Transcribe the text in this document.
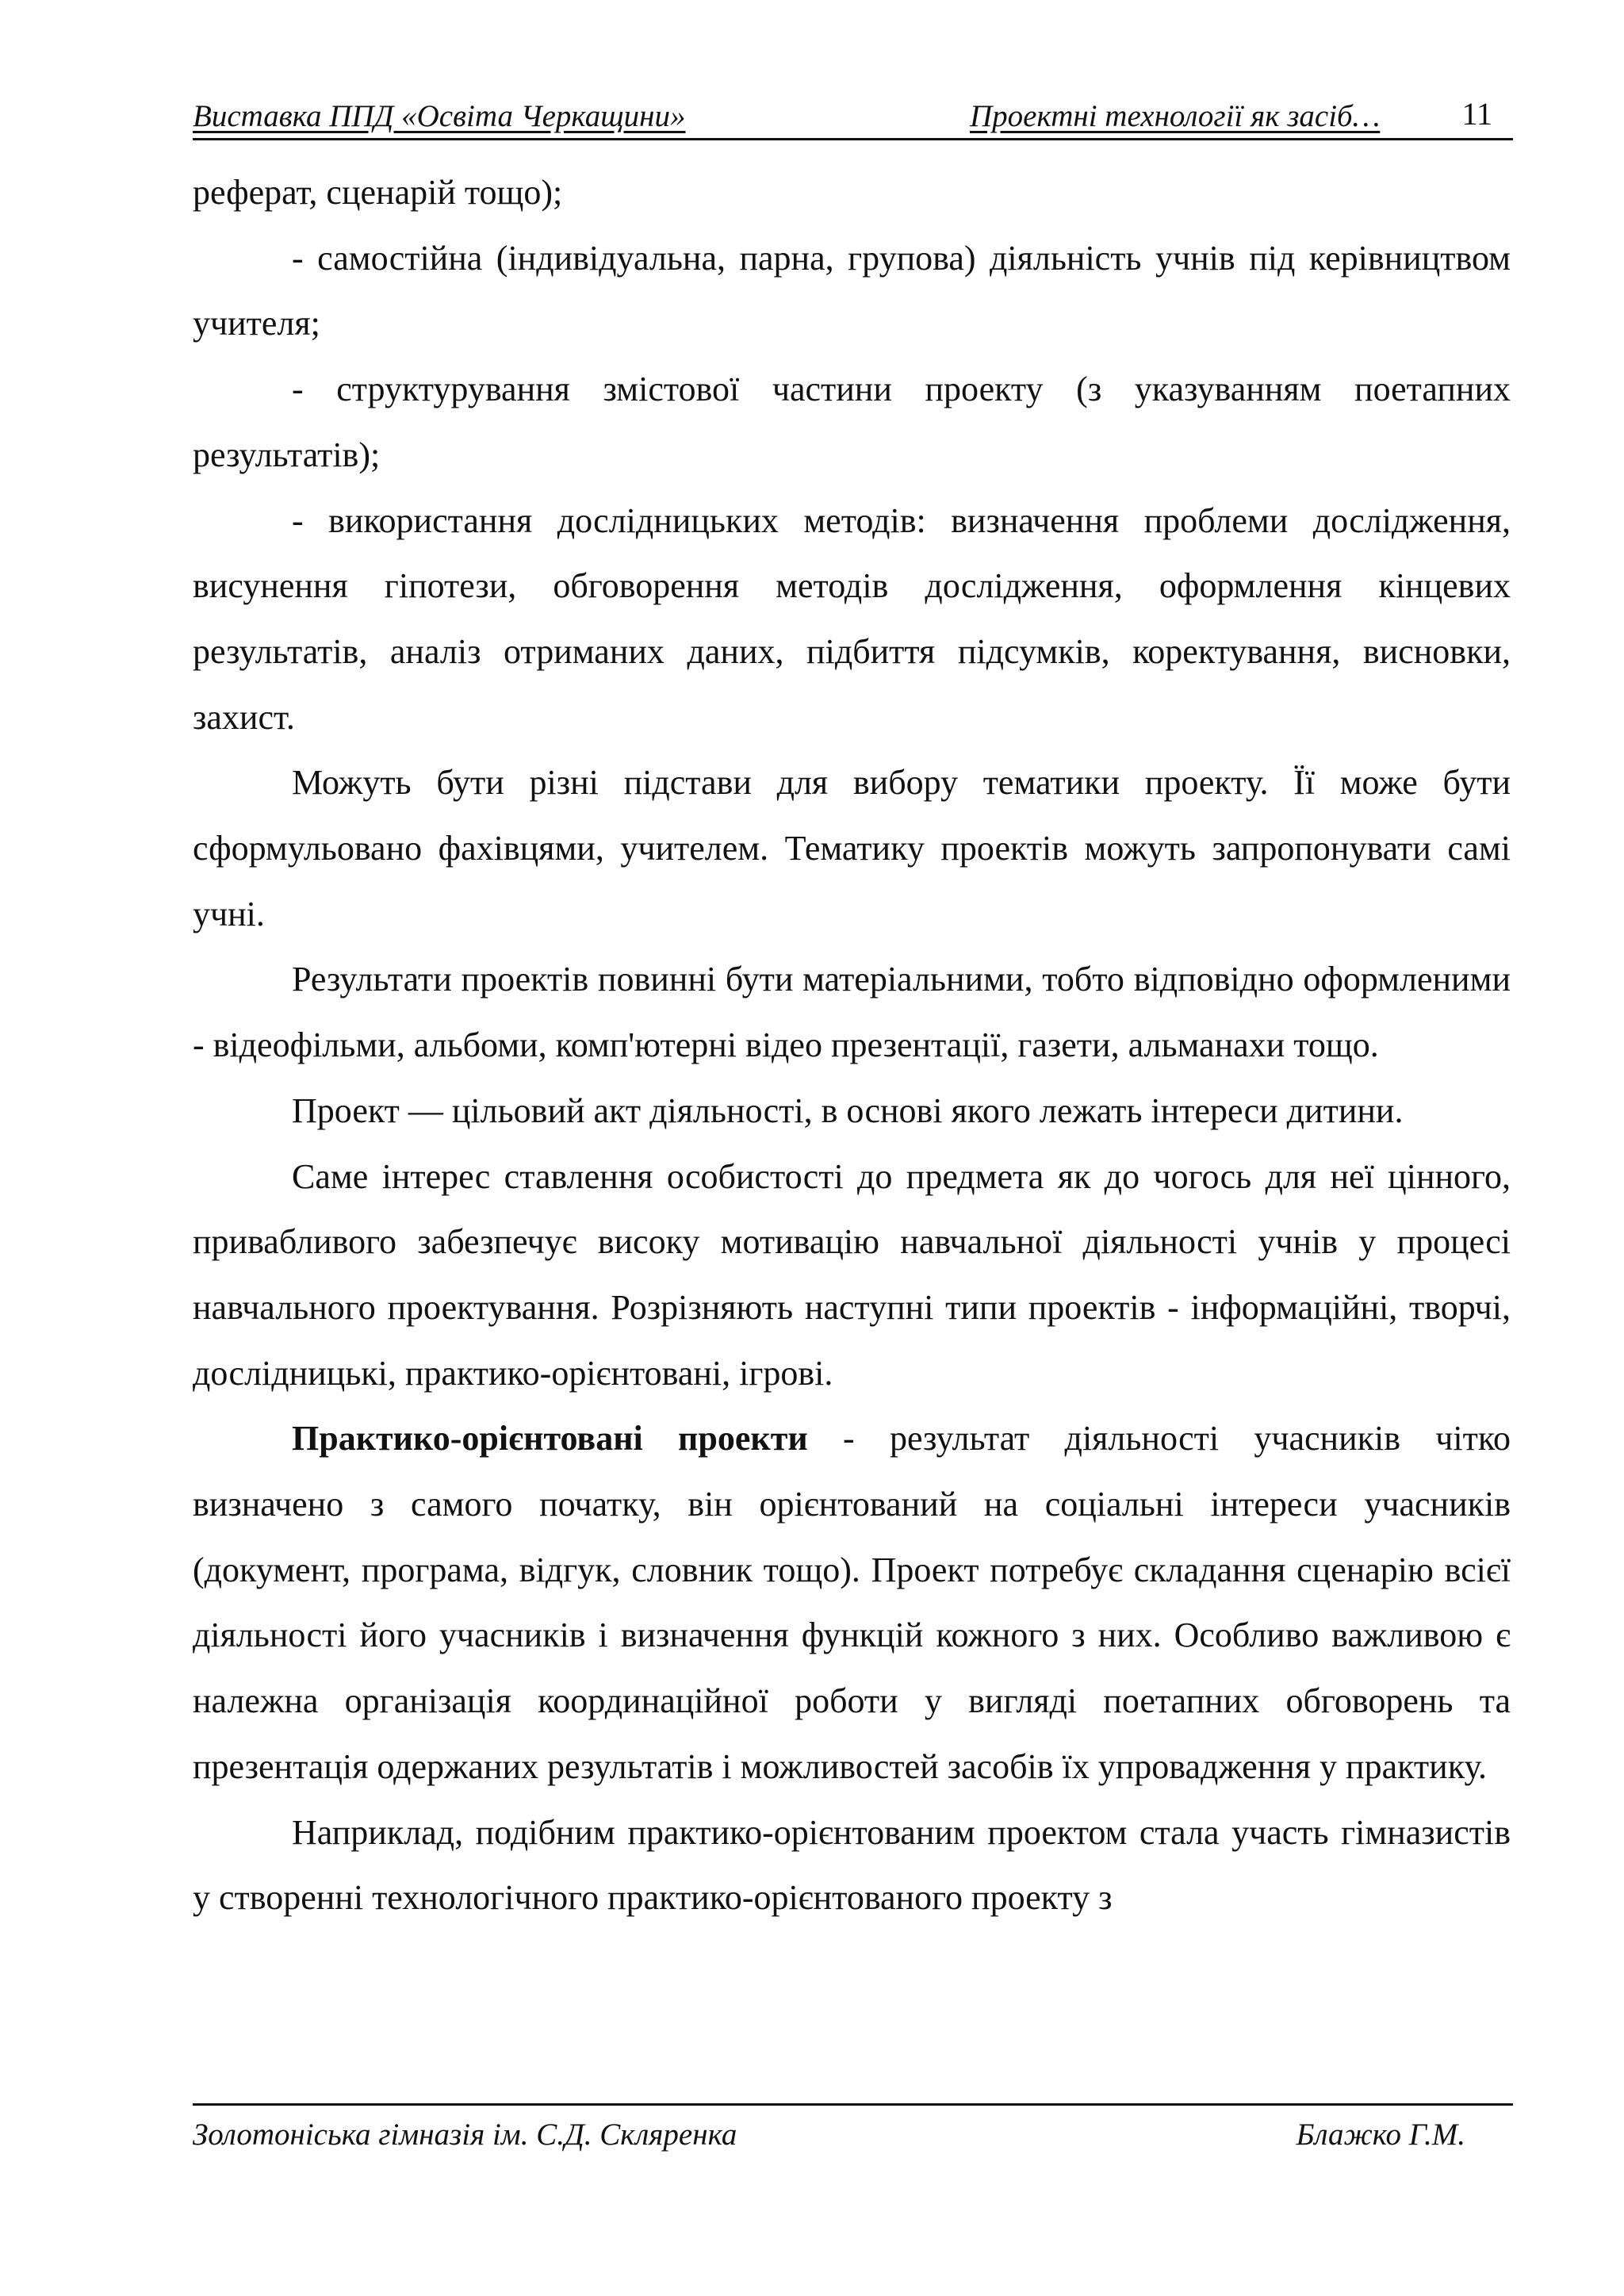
Виставка ППД «Освіта Черкащини»	Проектні технології як засіб…	11

реферат, сценарій тощо);

- самостійна (індивідуальна, парна, групова) діяльність учнів під керівництвом учителя;

- структурування змістової частини проекту (з указуванням поетапних результатів);

- використання дослідницьких методів: визначення проблеми дослідження, висунення гіпотези, обговорення методів дослідження, оформлення кінцевих результатів, аналіз отриманих даних, підбиття підсумків, коректування, висновки, захист.

Можуть бути різні підстави для вибору тематики проекту. Її може бути сформульовано фахівцями, учителем. Тематику проектів можуть запропонувати самі учні.

Результати проектів повинні бути матеріальними, тобто відповідно оформленими - відеофільми, альбоми, комп'ютерні відео презентації, газети, альманахи тощо.

Проект — цільовий акт діяльності, в основі якого лежать інтереси дитини.

Саме інтерес ставлення особистості до предмета як до чогось для неї цінного, привабливого забезпечує високу мотивацію навчальної діяльності учнів у процесі навчального проектування. Розрізняють наступні типи проектів - інформаційні, творчі, дослідницькі, практико-орієнтовані, ігрові.

Практико-орієнтовані проекти - результат діяльності учасників чітко визначено з самого початку, він орієнтований на соціальні інтереси учасників (документ, програма, відгук, словник тощо). Проект потребує складання сценарію всієї діяльності його учасників і визначення функцій кожного з них. Особливо важливою є належна організація координаційної роботи у вигляді поетапних обговорень та презентація одержаних результатів і можливостей засобів їх упровадження у практику.

Наприклад, подібним практико-орієнтованим проектом стала участь гімназистів у створенні технологічного практико-орієнтованого проекту з

Золотоніська гімназія ім. С.Д. Скляренка	Блажко Г.М.
